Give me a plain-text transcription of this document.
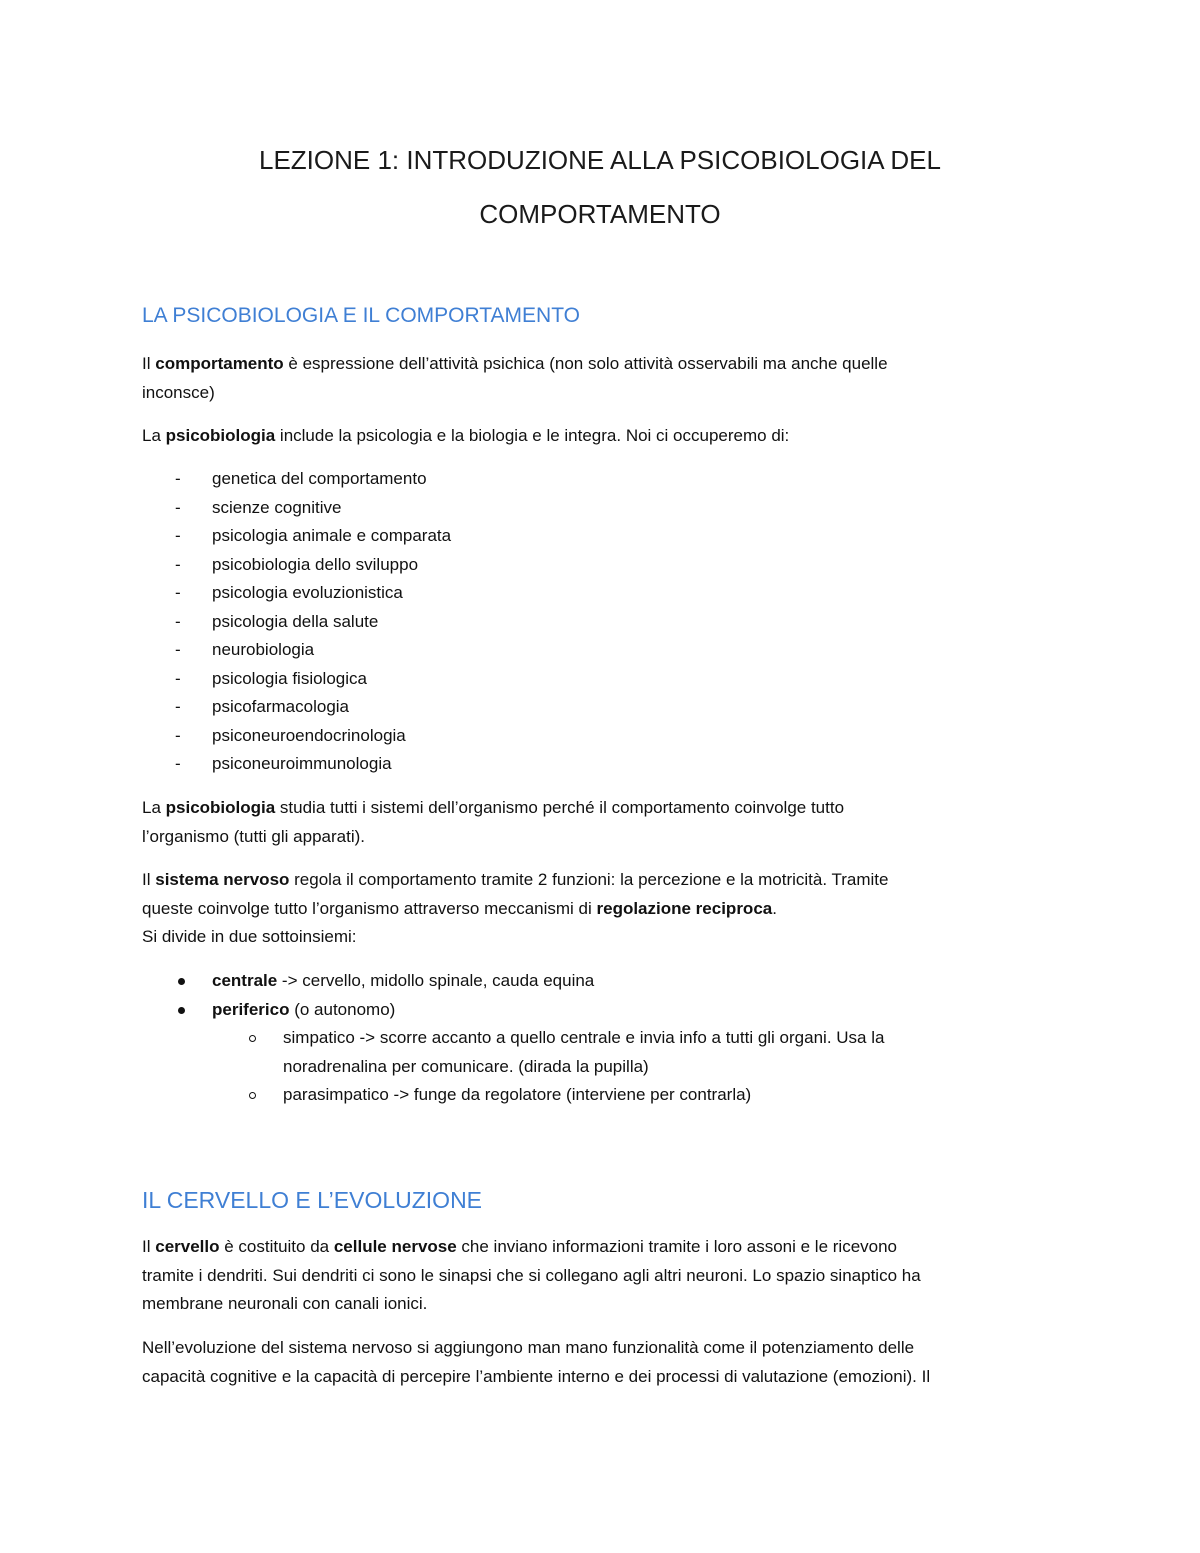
LEZIONE 1: INTRODUZIONE ALLA PSICOBIOLOGIA DEL
COMPORTAMENTO
LA PSICOBIOLOGIA E IL COMPORTAMENTO
Il comportamento è espressione dell’attività psichica (non solo attività osservabili ma anche quelle
inconsce)
La psicobiologia include la psicologia e la biologia e le integra. Noi ci occuperemo di:
- genetica del comportamento
- scienze cognitive
- psicologia animale e comparata
- psicobiologia dello sviluppo
- psicologia evoluzionistica
- psicologia della salute
- neurobiologia
- psicologia fisiologica
- psicofarmacologia
- psiconeuroendocrinologia
- psiconeuroimmunologia
La psicobiologia studia tutti i sistemi dell’organismo perché il comportamento coinvolge tutto
l’organismo (tutti gli apparati).
Il sistema nervoso regola il comportamento tramite 2 funzioni: la percezione e la motricità. Tramite
queste coinvolge tutto l’organismo attraverso meccanismi di regolazione reciproca.
Si divide in due sottoinsiemi:
centrale -> cervello, midollo spinale, cauda equina
periferico (o autonomo)
simpatico -> scorre accanto a quello centrale e invia info a tutti gli organi. Usa la
noradrenalina per comunicare. (dirada la pupilla)
parasimpatico -> funge da regolatore (interviene per contrarla)
IL CERVELLO E L’EVOLUZIONE
Il cervello è costituito da cellule nervose che inviano informazioni tramite i loro assoni e le ricevono
tramite i dendriti. Sui dendriti ci sono le sinapsi che si collegano agli altri neuroni. Lo spazio sinaptico ha
membrane neuronali con canali ionici.
Nell’evoluzione del sistema nervoso si aggiungono man mano funzionalità come il potenziamento delle
capacità cognitive e la capacità di percepire l’ambiente interno e dei processi di valutazione (emozioni). Il
